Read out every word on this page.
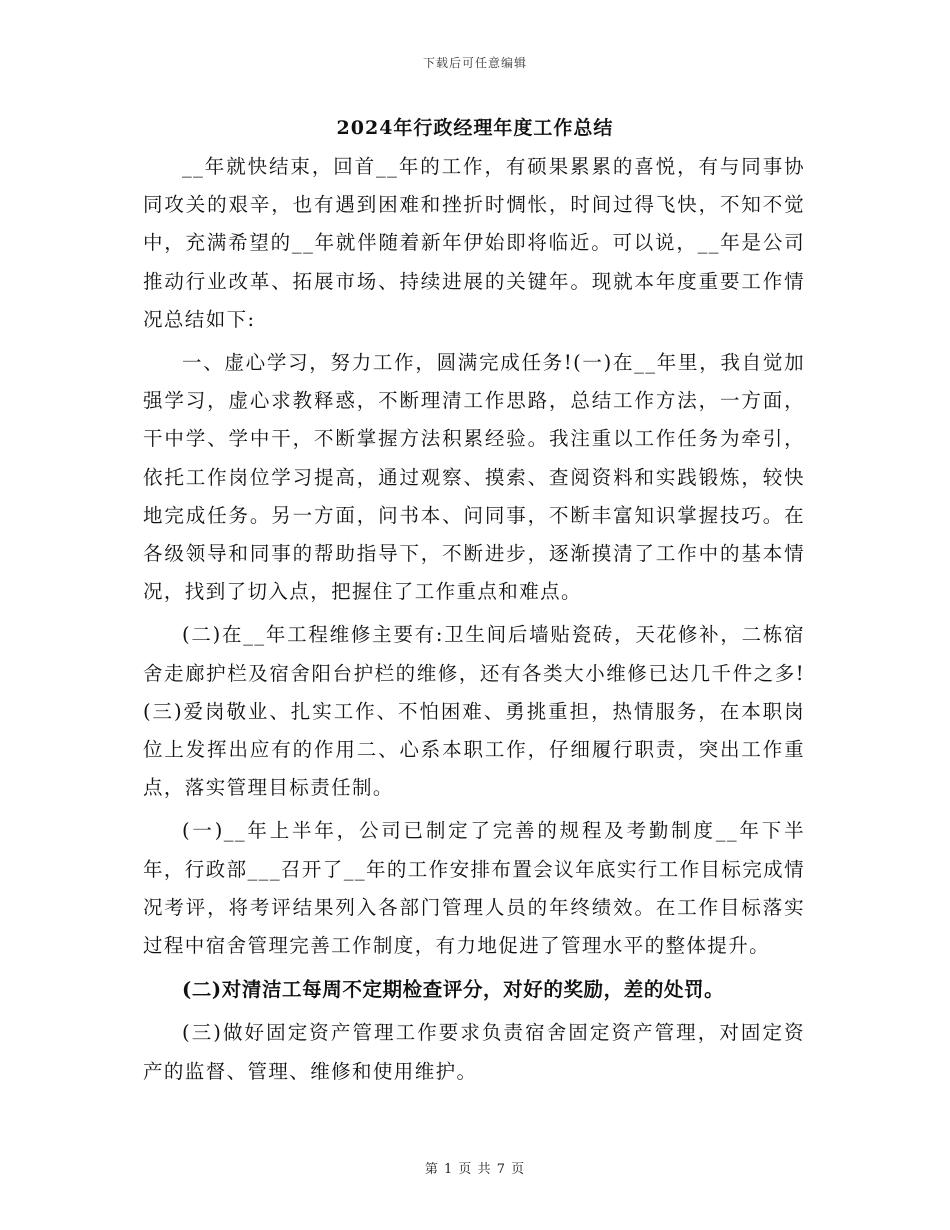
下载后可任意编辑
2024年行政经理年度工作总结

__年就快结束，回首__年的工作，有硕果累累的喜悦，有与同事协同攻关的艰辛，也有遇到困难和挫折时惆怅，时间过得飞快，不知不觉中，充满希望的__年就伴随着新年伊始即将临近。可以说，__年是公司推动行业改革、拓展市场、持续进展的关键年。现就本年度重要工作情况总结如下:

一、虚心学习，努力工作，圆满完成任务!(一)在__年里，我自觉加强学习，虚心求教释惑，不断理清工作思路，总结工作方法，一方面，干中学、学中干，不断掌握方法积累经验。我注重以工作任务为牵引，依托工作岗位学习提高，通过观察、摸索、查阅资料和实践锻炼，较快地完成任务。另一方面，问书本、问同事，不断丰富知识掌握技巧。在各级领导和同事的帮助指导下，不断进步，逐渐摸清了工作中的基本情况，找到了切入点，把握住了工作重点和难点。

(二)在__年工程维修主要有:卫生间后墙贴瓷砖，天花修补，二栋宿舍走廊护栏及宿舍阳台护栏的维修，还有各类大小维修已达几千件之多!(三)爱岗敬业、扎实工作、不怕困难、勇挑重担，热情服务，在本职岗位上发挥出应有的作用二、心系本职工作，仔细履行职责，突出工作重点，落实管理目标责任制。

(一)__年上半年，公司已制定了完善的规程及考勤制度__年下半年，行政部___召开了__年的工作安排布置会议年底实行工作目标完成情况考评，将考评结果列入各部门管理人员的年终绩效。在工作目标落实过程中宿舍管理完善工作制度，有力地促进了管理水平的整体提升。

(二)对清洁工每周不定期检查评分，对好的奖励，差的处罚。

(三)做好固定资产管理工作要求负责宿舍固定资产管理，对固定资产的监督、管理、维修和使用维护。

第 1 页 共 7 页
